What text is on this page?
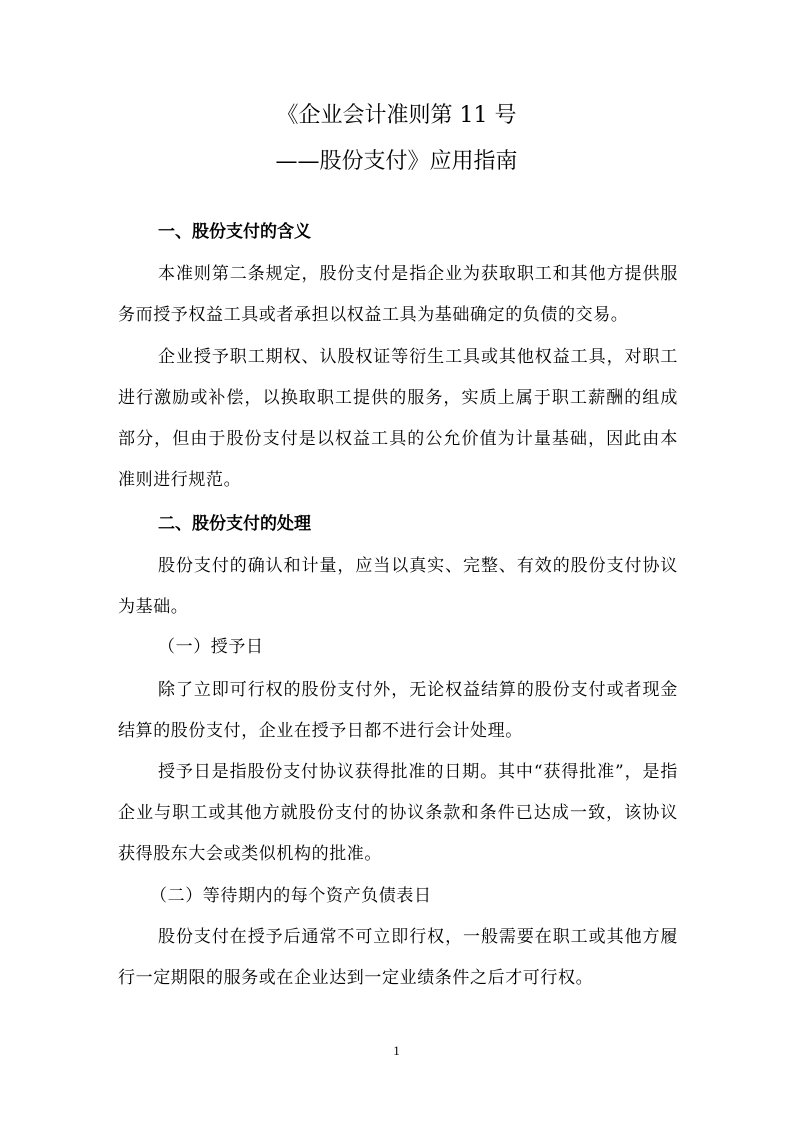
《企业会计准则第 11 号
——股份支付》应用指南
一、股份支付的含义
本准则第二条规定，股份支付是指企业为获取职工和其他方提供服务而授予权益工具或者承担以权益工具为基础确定的负债的交易。
企业授予职工期权、认股权证等衍生工具或其他权益工具，对职工进行激励或补偿，以换取职工提供的服务，实质上属于职工薪酬的组成部分，但由于股份支付是以权益工具的公允价值为计量基础，因此由本准则进行规范。
二、股份支付的处理
股份支付的确认和计量，应当以真实、完整、有效的股份支付协议为基础。
（一）授予日
除了立即可行权的股份支付外，无论权益结算的股份支付或者现金结算的股份支付，企业在授予日都不进行会计处理。
授予日是指股份支付协议获得批准的日期。其中“获得批准”，是指企业与职工或其他方就股份支付的协议条款和条件已达成一致，该协议获得股东大会或类似机构的批准。
（二）等待期内的每个资产负债表日
股份支付在授予后通常不可立即行权，一般需要在职工或其他方履行一定期限的服务或在企业达到一定业绩条件之后才可行权。
1
